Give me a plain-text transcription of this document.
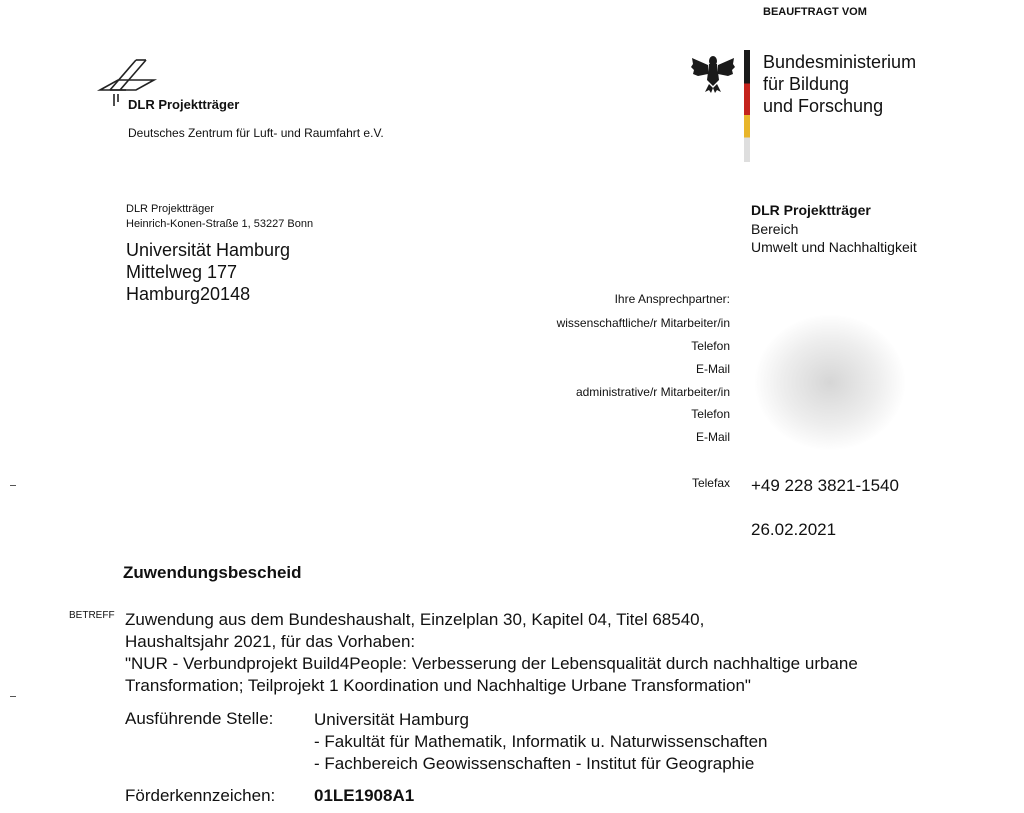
DLR Projektträger
Deutsches Zentrum für Luft- und Raumfahrt e.V.
BEAUFTRAGT VOM
Bundesministerium
für Bildung
und Forschung
DLR Projektträger
Heinrich-Konen-Straße 1, 53227 Bonn
Universität Hamburg
Mittelweg 177
Hamburg20148
DLR Projektträger
Bereich
Umwelt und Nachhaltigkeit
Ihre Ansprechpartner:
wissenschaftliche/r Mitarbeiter/in
Telefon
E-Mail
administrative/r Mitarbeiter/in
Telefon
E-Mail
Telefax +49 228 3821-1540
26.02.2021
Zuwendungsbescheid
BETREFF Zuwendung aus dem Bundeshaushalt, Einzelplan 30, Kapitel 04, Titel 68540,
Haushaltsjahr 2021, für das Vorhaben:
"NUR - Verbundprojekt Build4People: Verbesserung der Lebensqualität durch nachhaltige urbane
Transformation; Teilprojekt 1 Koordination und Nachhaltige Urbane Transformation"
Ausführende Stelle: Universität Hamburg
- Fakultät für Mathematik, Informatik u. Naturwissenschaften
- Fachbereich Geowissenschaften - Institut für Geographie
Förderkennzeichen: 01LE1908A1
